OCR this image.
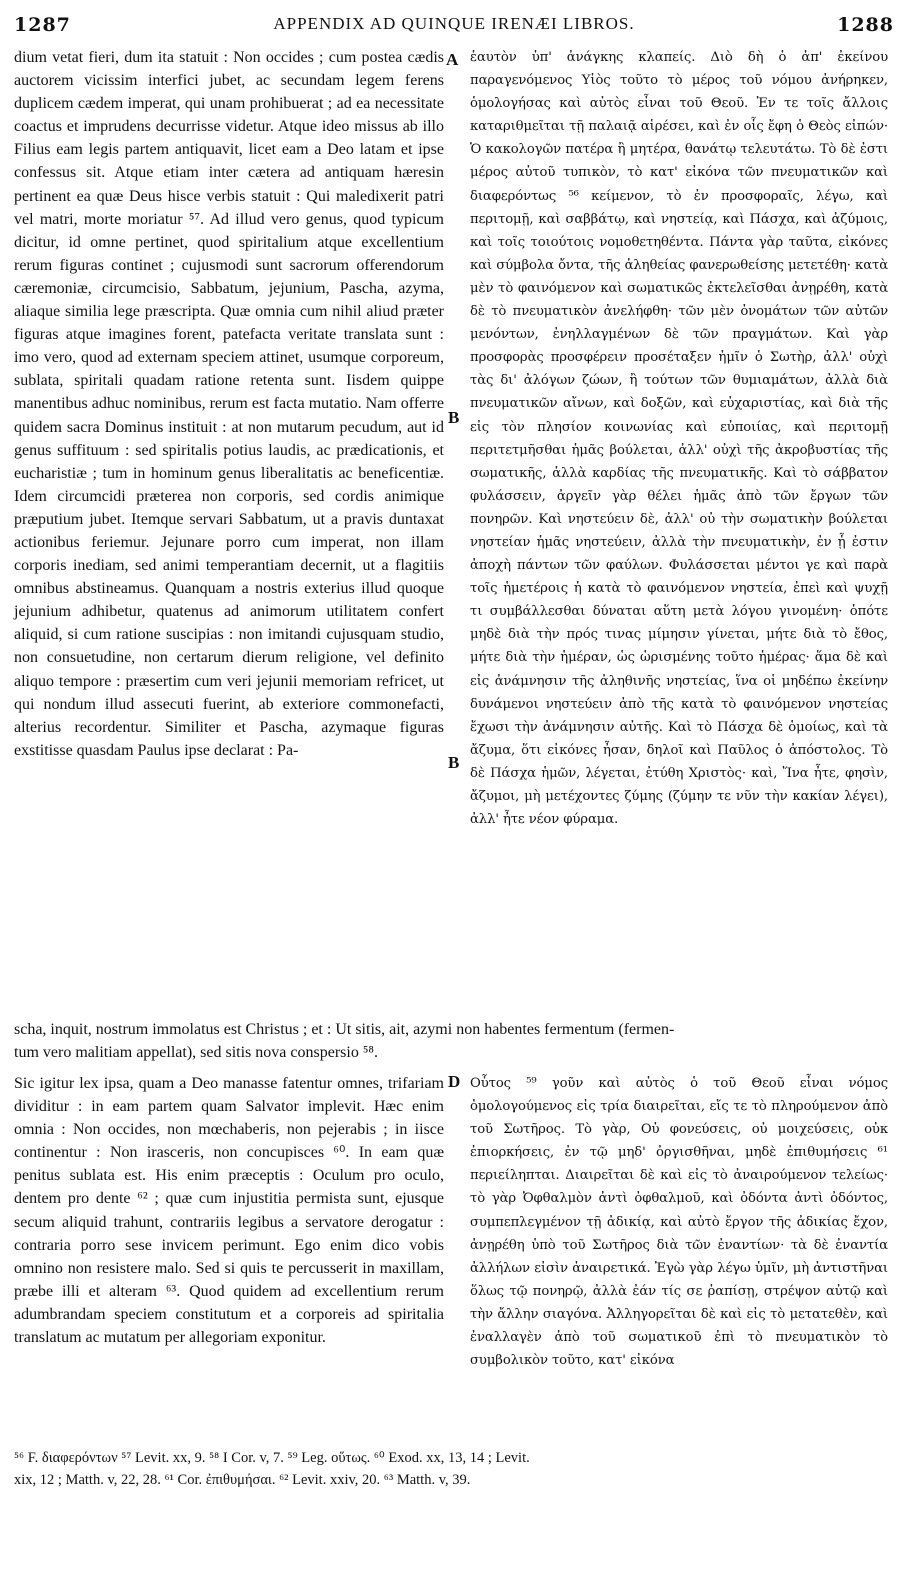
1287	APPENDIX AD QUINQUE IRENÆI LIBROS.	1288

dium vetat fieri, dum ita statuit : Non occides ; cum postea cædis auctorem vicissim interfici jubet, ac secundam legem ferens duplicem cædem imperat, qui unam prohibuerat ; ad ea necessitate coactus et imprudens decurrisse videtur. Atque ideo missus ab illo Filius eam legis partem antiquavit, licet eam a Deo latam et ipse confessus sit. Atque etiam inter cætera ad antiquam hæresin pertinent ea quæ Deus hisce verbis statuit : Qui maledixerit patri vel matri, morte moriatur ⁵⁷. Ad illud vero genus, quod typicum dicitur, id omne pertinet, quod spiritalium atque excellentium rerum figuras continet ; cujusmodi sunt sacrorum offerendorum cæremoniæ, circumcisio, Sabbatum, jejunium, Pascha, azyma, aliaque similia lege præscripta. Quæ omnia cum nihil aliud præter figuras atque imagines forent, patefacta veritate translata sunt : imo vero, quod ad externam speciem attinet, usumque corporeum, sublata, spiritali quadam ratione retenta sunt. Iisdem quippe manentibus adhuc nominibus, rerum est facta mutatio. Nam offerre quidem sacra Dominus instituit : at non mutarum pecudum, aut id genus suffituum : sed spiritalis potius laudis, ac prædicationis, et eucharistiæ ; tum in hominum genus liberalitatis ac beneficentiæ. Idem circumcidi præterea non corporis, sed cordis animique præputium jubet. Itemque servari Sabbatum, ut a pravis duntaxat actionibus feriemur. Jejunare porro cum imperat, non illam corporis inediam, sed animi temperantiam decernit, ut a flagitiis omnibus abstineamus. Quanquam a nostris exterius illud quoque jejunium adhibetur, quatenus ad animorum utilitatem confert aliquid, si cum ratione suscipias : non imitandi cujusquam studio, non consuetudine, non certarum dierum religione, vel definito aliquo tempore : præsertim cum veri jejunii memoriam refricet, ut qui nondum illud assecuti fuerint, ab exteriore commonefacti, alterius recordentur. Similiter et Pascha, azymaque figuras exstitisse quasdam Paulus ipse declarat : Pa-

ἑαυτὸν ὑπ' ἀνάγκης κλαπείς. Διὸ δὴ ὁ ἀπ' ἐκείνου παραγενόμενος Υἱὸς τοῦτο τὸ μέρος τοῦ νόμου ἀνήρηκεν, ὁμολογήσας καὶ αὐτὸς εἶναι τοῦ Θεοῦ. Ἐν τε τοῖς ἄλλοις καταριθμεῖται τῇ παλαιᾷ αἱρέσει, καὶ ἐν οἷς ἔφη ὁ Θεὸς εἰπών· Ὁ κακολογῶν πατέρα ἢ μητέρα, θανάτῳ τελευτάτω. Τὸ δὲ ἐστι μέρος αὐτοῦ τυπικὸν, τὸ κατ' εἰκόνα τῶν πνευματικῶν καὶ διαφερόντως ⁵⁶ κείμενον, τὸ ἐν προσφοραῖς, λέγω, καὶ περιτομῇ, καὶ σαββάτῳ, καὶ νηστείᾳ, καὶ Πάσχα, καὶ ἀζύμοις, καὶ τοῖς τοιούτοις νομοθετηθέντα. Πάντα γὰρ ταῦτα, εἰκόνες καὶ σύμβολα ὄντα, τῆς ἀληθείας φανερωθείσης μετετέθη· κατὰ μὲν τὸ φαινόμενον καὶ σωματικῶς ἐκτελεῖσθαι ἀνῃρέθη, κατὰ δὲ τὸ πνευματικὸν ἀνελήφθη· τῶν μὲν ὀνομάτων τῶν αὐτῶν μενόντων, ἐνηλλαγμένων δὲ τῶν πραγμάτων. Καὶ γὰρ προσφορὰς προσφέρειν προσέταξεν ἡμῖν ὁ Σωτὴρ, ἀλλ' οὐχὶ τὰς δι' ἀλόγων ζώων, ἢ τούτων τῶν θυμιαμάτων, ἀλλὰ διὰ πνευματικῶν αἴνων, καὶ δοξῶν, καὶ εὐχαριστίας, καὶ διὰ τῆς εἰς τὸν πλησίον κοινωνίας καὶ εὐποιίας, καὶ περιτομῇ περιτετμῆσθαι ἡμᾶς βούλεται, ἀλλ' οὐχὶ τῆς ἀκροβυστίας τῆς σωματικῆς, ἀλλὰ καρδίας τῆς πνευματικῆς. Καὶ τὸ σάββατον φυλάσσειν, ἀργεῖν γὰρ θέλει ἡμᾶς ἀπὸ τῶν ἔργων τῶν πονηρῶν. Καὶ νηστεύειν δὲ, ἀλλ' οὐ τὴν σωματικὴν βούλεται νηστείαν ἡμᾶς νηστεύειν, ἀλλὰ τὴν πνευματικὴν, ἐν ᾗ ἐστιν ἀποχὴ πάντων τῶν φαύλων. Φυλάσσεται μέντοι γε καὶ παρὰ τοῖς ἡμετέροις ἡ κατὰ τὸ φαινόμενον νηστεία, ἐπεὶ καὶ ψυχῇ τι συμβάλλεσθαι δύναται αὕτη μετὰ λόγου γινομένη· ὁπότε μηδὲ διὰ τὴν πρός τινας μίμησιν γίνεται, μήτε διὰ τὸ ἔθος, μήτε διὰ τὴν ἡμέραν, ὡς ὡρισμένης τοῦτο ἡμέρας· ἅμα δὲ καὶ εἰς ἀνάμνησιν τῆς ἀληθινῆς νηστείας, ἵνα οἱ μηδέπω ἐκείνην δυνάμενοι νηστεύειν ἀπὸ τῆς κατὰ τὸ φαινόμενον νηστείας ἔχωσι τὴν ἀνάμνησιν αὐτῆς. Καὶ τὸ Πάσχα δὲ ὁμοίως, καὶ τὰ ἄζυμα, ὅτι εἰκόνες ἦσαν, δηλοῖ καὶ Παῦλος ὁ ἀπόστολος. Τὸ δὲ Πάσχα ἡμῶν, λέγεται, ἐτύθη Χριστὸς· καὶ, Ἵνα ἦτε, φησὶν, ἄζυμοι, μὴ μετέχοντες ζύμης (ζύμην τε νῦν τὴν κακίαν λέγει), ἀλλ' ἦτε νέον φύραμα.

A
B
B
D
scha, inquit, nostrum immolatus est Christus ; et : Ut sitis, ait, azymi non habentes fermentum (fermen-
tum vero malitiam appellat), sed sitis nova conspersio ⁵⁸.

Sic igitur lex ipsa, quam a Deo manasse fatentur omnes, trifariam dividitur : in eam partem quam Salvator implevit. Hæc enim omnia : Non occides, non mœchaberis, non pejerabis ; in iisce continentur : Non irasceris, non concupisces ⁶⁰. In eam quæ penitus sublata est. His enim præceptis : Oculum pro oculo, dentem pro dente ⁶² ; quæ cum injustitia permista sunt, ejusque secum aliquid trahunt, contrariis legibus a servatore derogatur : contraria porro sese invicem perimunt. Ego enim dico vobis omnino non resistere malo. Sed si quis te percusserit in maxillam, præbe illi et alteram ⁶³. Quod quidem ad excellentium rerum adumbrandam speciem constitutum et a corporeis ad spiritalia translatum ac mutatum per allegoriam exponitur.

Οὗτος ⁵⁹ γοῦν καὶ αὐτὸς ὁ τοῦ Θεοῦ εἶναι νόμος ὁμολογούμενος εἰς τρία διαιρεῖται, εἴς τε τὸ πληρούμενον ἀπὸ τοῦ Σωτῆρος. Τὸ γὰρ, Οὐ φονεύσεις, οὐ μοιχεύσεις, οὐκ ἐπιορκήσεις, ἐν τῷ μηδ' ὀργισθῆναι, μηδὲ ἐπιθυμήσεις ⁶¹ περιείληπται. Διαιρεῖται δὲ καὶ εἰς τὸ ἀναιρούμενον τελείως· τὸ γὰρ Ὀφθαλμὸν ἀντὶ ὀφθαλμοῦ, καὶ ὀδόντα ἀντὶ ὀδόντος, συμπεπλεγμένον τῇ ἀδικίᾳ, καὶ αὐτὸ ἔργον τῆς ἀδικίας ἔχον, ἀνῃρέθη ὑπὸ τοῦ Σωτῆρος διὰ τῶν ἐναντίων· τὰ δὲ ἐναντία ἀλλήλων εἰσὶν ἀναιρετικά. Ἐγὼ γὰρ λέγω ὑμῖν, μὴ ἀντιστῆναι ὅλως τῷ πονηρῷ, ἀλλὰ ἐάν τίς σε ῥαπίσῃ, στρέψον αὐτῷ καὶ τὴν ἄλλην σιαγόνα. Ἀλληγορεῖται δὲ καὶ εἰς τὸ μετατεθὲν, καὶ ἐναλλαγὲν ἀπὸ τοῦ σωματικοῦ ἐπὶ τὸ πνευματικὸν τὸ συμβολικὸν τοῦτο, κατ' εἰκόνα

⁵⁶ F. διαφερόντων ⁵⁷ Levit. xx, 9. ⁵⁸ I Cor. v, 7. ⁵⁹ Leg. οὕτως. ⁶⁰ Exod. xx, 13, 14 ; Levit.
xix, 12 ; Matth. v, 22, 28. ⁶¹ Cor. ἐπιθυμήσαι. ⁶² Levit. xxiv, 20. ⁶³ Matth. v, 39.
